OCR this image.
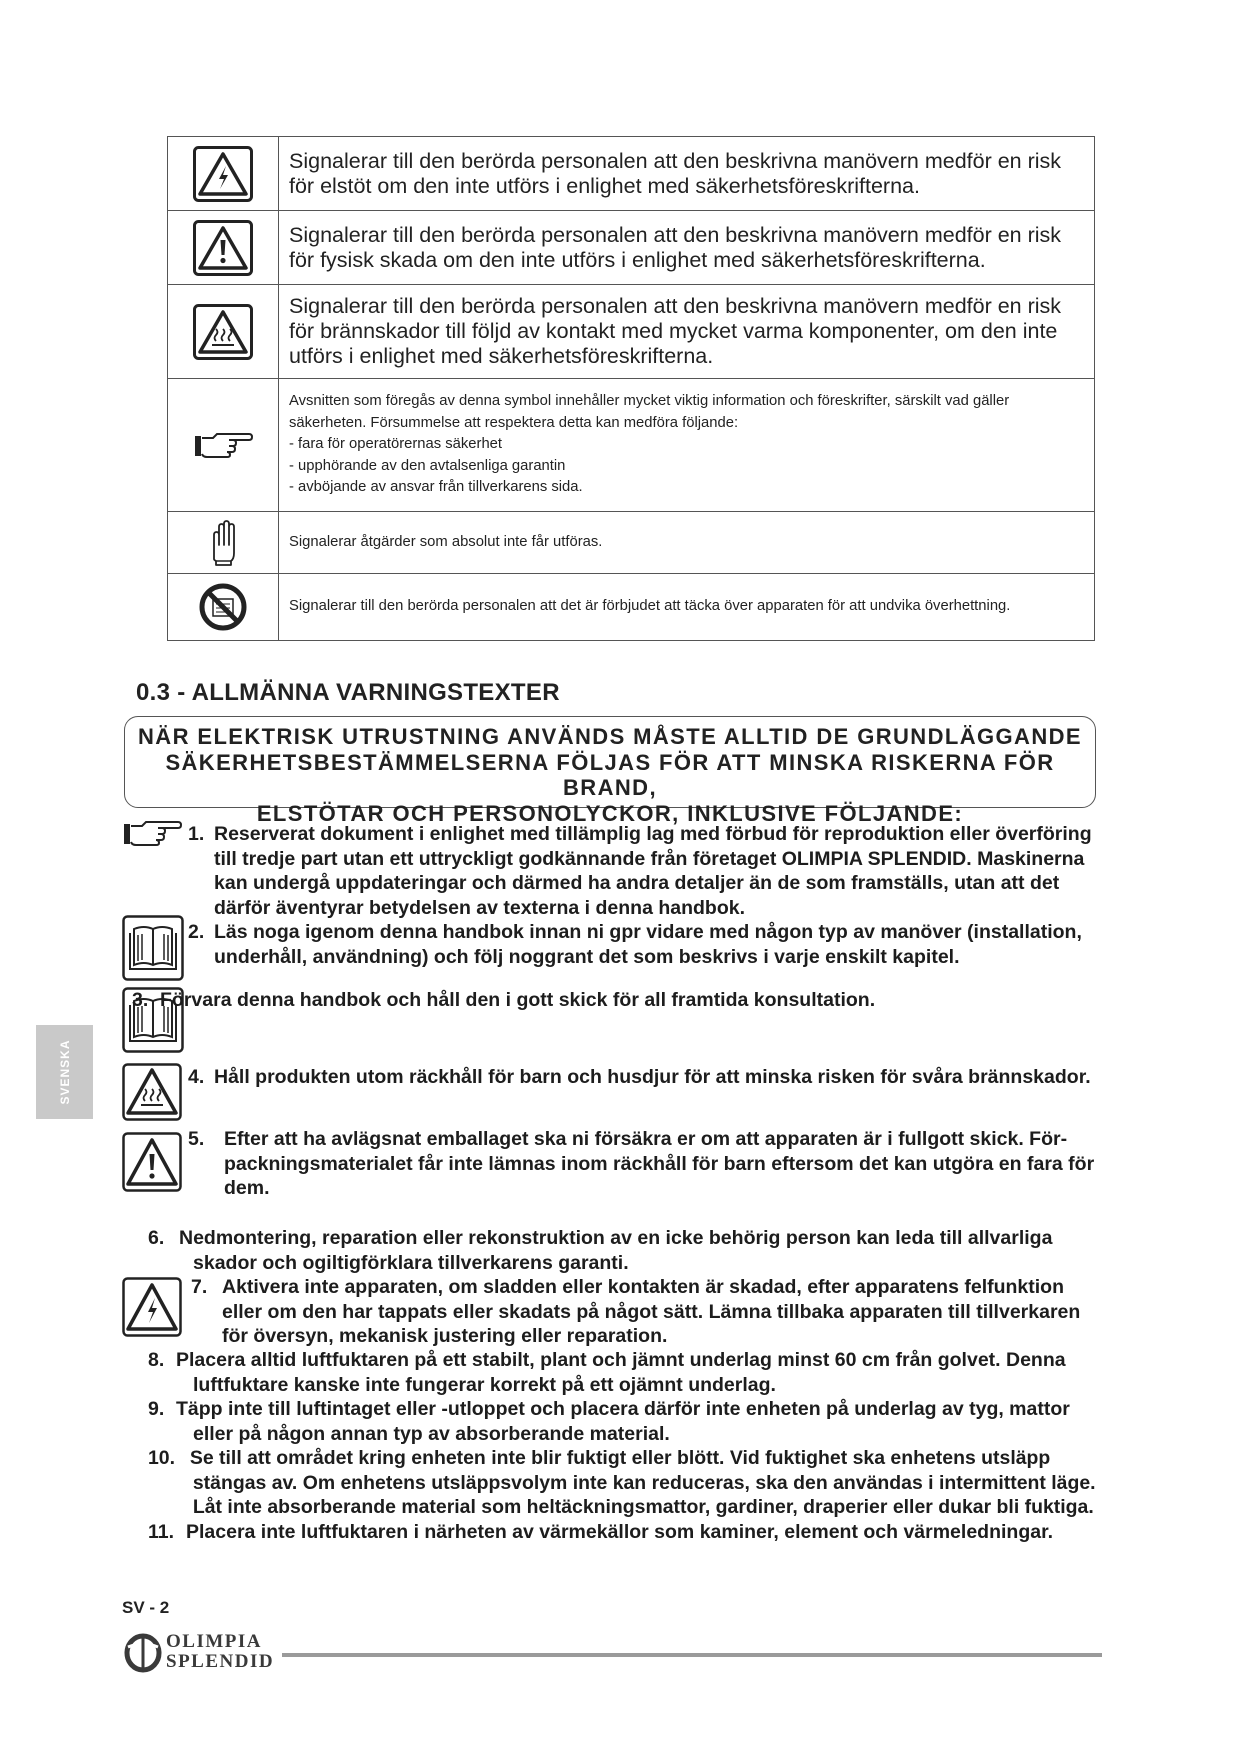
	Signalerar till den berörda personalen att den beskrivna manövern medför en risk för elstöt om den inte utförs i enlighet med säkerhetsföreskrifterna.
	Signalerar till den berörda personalen att den beskrivna manövern medför en risk för fysisk skada om den inte utförs i enlighet med säkerhetsföreskrifterna.
	Signalerar till den berörda personalen att den beskrivna manövern medför en risk för brännskador till följd av kontakt med mycket varma komponenter, om den inte utförs i enlighet med säkerhetsföreskrifterna.

Avsnitten som föregås av denna symbol innehåller mycket viktig information och föreskrifter, särskilt vad gäller säkerheten. Försummelse att respektera detta kan medföra följande:

- fara för operatörernas säkerhet

- upphörande av den avtalsenliga garantin

- avböjande av ansvar från tillverkarens sida.

	Signalerar åtgärder som absolut inte får utföras.
	Signalerar till den berörda personalen att det är förbjudet att täcka över apparaten för att undvika överhettning.
0.3 - ALLMÄNNA VARNINGSTEXTER
NÄR ELEKTRISK UTRUSTNING ANVÄNDS MÅSTE ALLTID DE GRUNDLÄGGANDE
SÄKERHETSBESTÄMMELSERNA FÖLJAS FÖR ATT MINSKA RISKERNA FÖR BRAND,
ELSTÖTAR OCH PERSONOLYCKOR, INKLUSIVE FÖLJANDE:
1. Reserverat dokument i enlighet med tillämplig lag med förbud för reproduktion eller överföring
till tredje part utan ett uttryckligt godkännande från företaget OLIMPIA SPLENDID. Maskinerna
kan undergå uppdateringar och därmed ha andra detaljer än de som framställs, utan att det
därför äventyrar betydelsen av texterna i denna handbok.
2. Läs noga igenom denna handbok innan ni gpr vidare med någon typ av manöver (installation,
underhåll, användning) och följ noggrant det som beskrivs i varje enskilt kapitel.
3. Förvara denna handbok och håll den i gott skick för all framtida konsultation.
4. Håll produkten utom räckhåll för barn och husdjur för att minska risken för svåra brännskador.
5. Efter att ha avlägsnat emballaget ska ni försäkra er om att apparaten är i fullgott skick. För-
packningsmaterialet får inte lämnas inom räckhåll för barn eftersom det kan utgöra en fara för
dem.
6. Nedmontering, reparation eller rekonstruktion av en icke behörig person kan leda till allvarliga
skador och ogiltigförklara tillverkarens garanti.
7. Aktivera inte apparaten, om sladden eller kontakten är skadad, efter apparatens felfunktion
eller om den har tappats eller skadats på något sätt. Lämna tillbaka apparaten till tillverkaren
för översyn, mekanisk justering eller reparation.
8. Placera alltid luftfuktaren på ett stabilt, plant och jämnt underlag minst 60 cm från golvet. Denna
luftfuktare kanske inte fungerar korrekt på ett ojämnt underlag.
9. Täpp inte till luftintaget eller -utloppet och placera därför inte enheten på underlag av tyg, mattor
eller på någon annan typ av absorberande material.
10. Se till att området kring enheten inte blir fuktigt eller blött. Vid fuktighet ska enhetens utsläpp
stängas av. Om enhetens utsläppsvolym inte kan reduceras, ska den användas i intermittent läge.
Låt inte absorberande material som heltäckningsmattor, gardiner, draperier eller dukar bli fuktiga.
11. Placera inte luftfuktaren i närheten av värmekällor som kaminer, element och värmeledningar.
SVENSKA
SV - 2
OLIMPIA
SPLENDID
